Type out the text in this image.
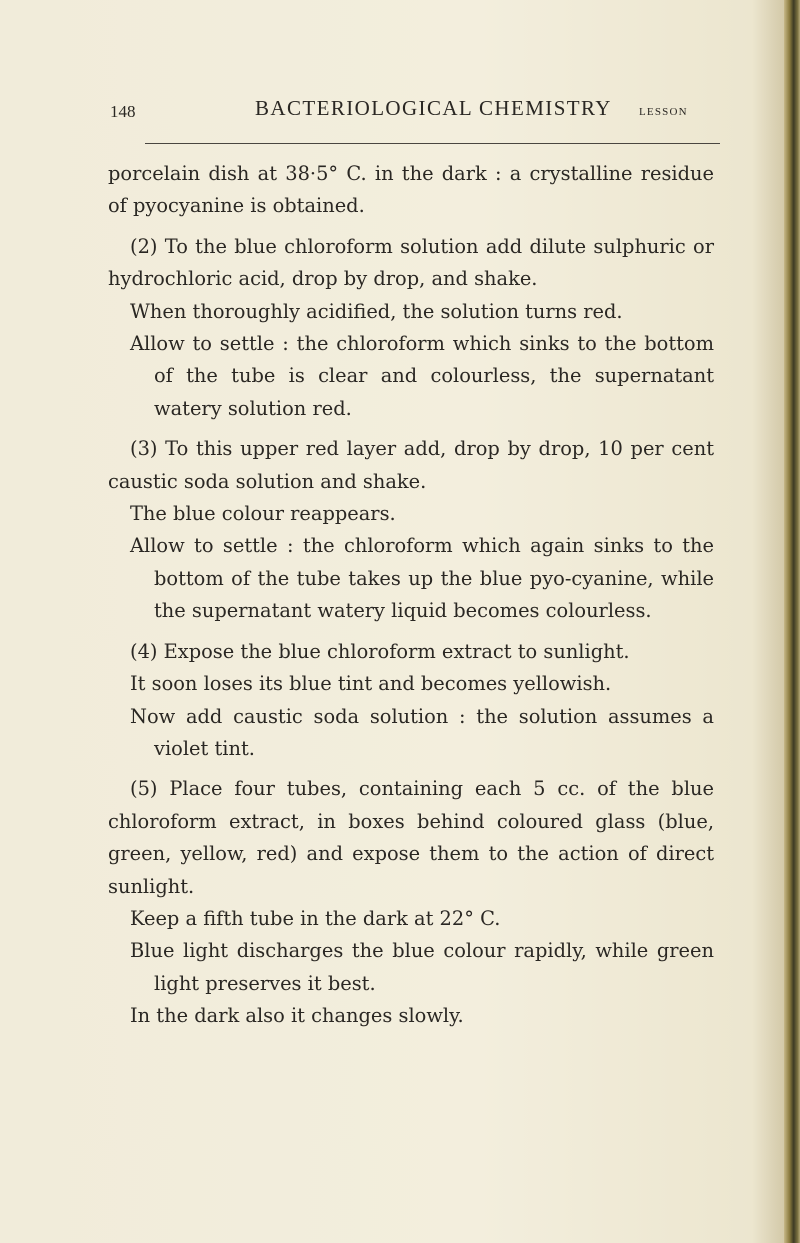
148	BACTERIOLOGICAL CHEMISTRY LESSON

porcelain dish at 38·5° C. in the dark : a crystalline residue of pyocyanine is obtained.

(2) To the blue chloroform solution add dilute sulphuric or hydrochloric acid, drop by drop, and shake.

When thoroughly acidified, the solution turns red.

Allow to settle : the chloroform which sinks to the bottom of the tube is clear and colourless, the supernatant watery solution red.

(3) To this upper red layer add, drop by drop, 10 per cent caustic soda solution and shake.

The blue colour reappears.

Allow to settle : the chloroform which again sinks to the bottom of the tube takes up the blue pyo-cyanine, while the supernatant watery liquid becomes colourless.

(4) Expose the blue chloroform extract to sunlight.

It soon loses its blue tint and becomes yellowish.

Now add caustic soda solution : the solution assumes a violet tint.

(5) Place four tubes, containing each 5 cc. of the blue chloroform extract, in boxes behind coloured glass (blue, green, yellow, red) and expose them to the action of direct sunlight.

Keep a fifth tube in the dark at 22° C.

Blue light discharges the blue colour rapidly, while green light preserves it best.

In the dark also it changes slowly.
